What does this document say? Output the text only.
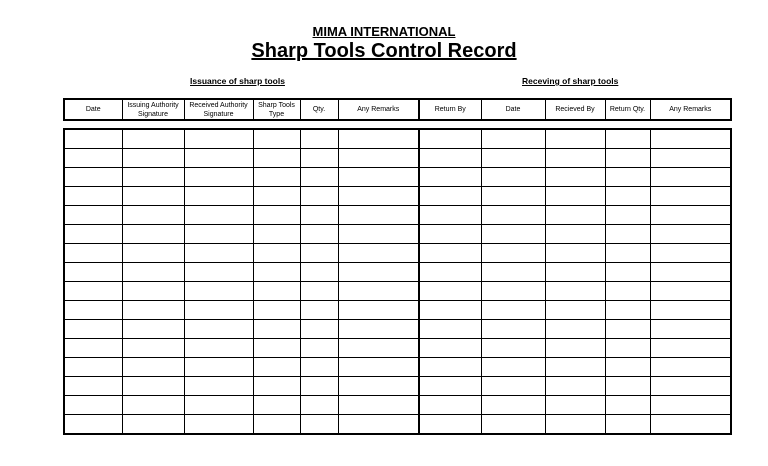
MIMA INTERNATIONAL
Sharp Tools Control Record
Issuance of sharp tools	Receving of sharp tools
Date	Issuing Authority Signature	Received Authority Signature	Sharp Tools Type	Qty.	Any Remarks	Return By	Date	Recieved By	Return Qty.	Any Remarks
